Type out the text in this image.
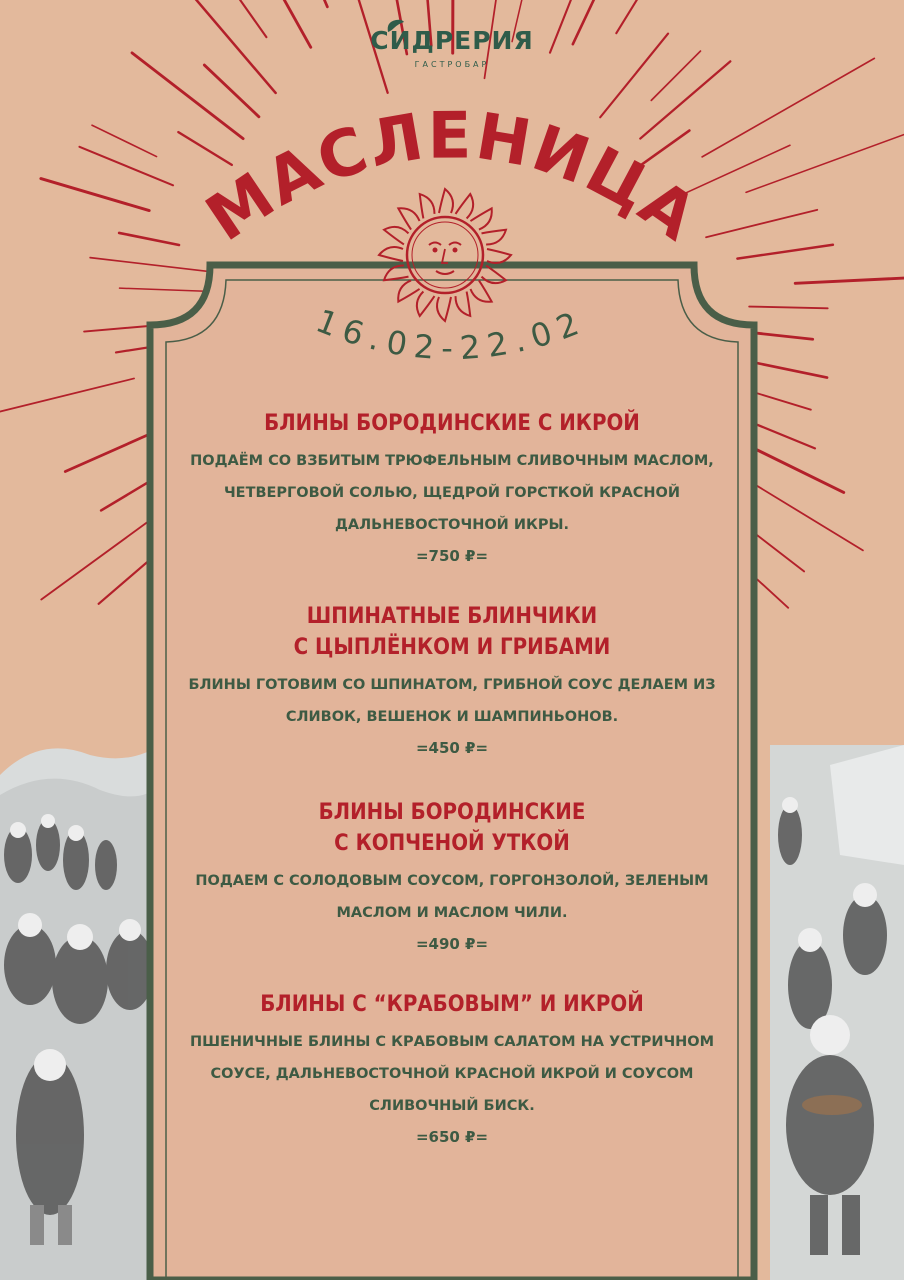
СИДРЕРИЯ
ГАСТРОБАР
МАСЛЕНИЦА
16.02-22.02
БЛИНЫ БОРОДИНСКИЕ С ИКРОЙ

ПОДАЁМ СО ВЗБИТЫМ ТРЮФЕЛЬНЫМ СЛИВОЧНЫМ МАСЛОМ,
ЧЕТВЕРГОВОЙ СОЛЬЮ, ЩЕДРОЙ ГОРСТКОЙ КРАСНОЙ
ДАЛЬНЕВОСТОЧНОЙ ИКРЫ.

=750 ₽=
ШПИНАТНЫЕ БЛИНЧИКИ
С ЦЫПЛЁНКОМ И ГРИБАМИ

БЛИНЫ ГОТОВИМ СО ШПИНАТОМ, ГРИБНОЙ СОУС ДЕЛАЕМ ИЗ
СЛИВОК, ВЕШЕНОК И ШАМПИНЬОНОВ.

=450 ₽=
БЛИНЫ БОРОДИНСКИЕ
С КОПЧЕНОЙ УТКОЙ

ПОДАЕМ С СОЛОДОВЫМ СОУСОМ, ГОРГОНЗОЛОЙ, ЗЕЛЕНЫМ
МАСЛОМ И МАСЛОМ ЧИЛИ.

=490 ₽=
БЛИНЫ С “КРАБОВЫМ” И ИКРОЙ

ПШЕНИЧНЫЕ БЛИНЫ С КРАБОВЫМ САЛАТОМ НА УСТРИЧНОМ
СОУСЕ, ДАЛЬНЕВОСТОЧНОЙ КРАСНОЙ ИКРОЙ И СОУСОМ
СЛИВОЧНЫЙ БИСК.

=650 ₽=
